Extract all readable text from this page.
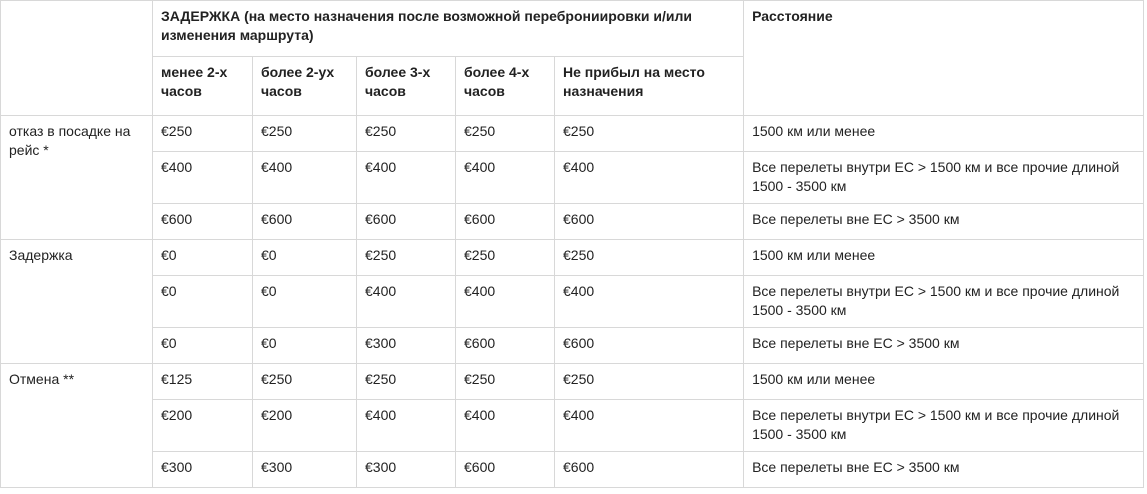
	ЗАДЕРЖКА (на место назначения после возможной переброниировки и/или изменения маршрута)					Расстояние
	менее 2-х часов	более 2-ух часов	более 3-х часов	более 4-х часов	Не прибыл на место назначения	
отказ в посадке на рейс *	€250	€250	€250	€250	€250	1500 км или менее
	€400	€400	€400	€400	€400	Все перелеты внутри ЕС > 1500 км и все прочие длиной 1500 - 3500 км
	€600	€600	€600	€600	€600	Все перелеты вне ЕС > 3500 км
Задержка	€0	€0	€250	€250	€250	1500 км или менее
	€0	€0	€400	€400	€400	Все перелеты внутри ЕС > 1500 км и все прочие длиной 1500 - 3500 км
	€0	€0	€300	€600	€600	Все перелеты вне ЕС > 3500 км
Отмена **	€125	€250	€250	€250	€250	1500 км или менее
	€200	€200	€400	€400	€400	Все перелеты внутри ЕС > 1500 км и все прочие длиной 1500 - 3500 км
	€300	€300	€300	€600	€600	Все перелеты вне ЕС > 3500 км
